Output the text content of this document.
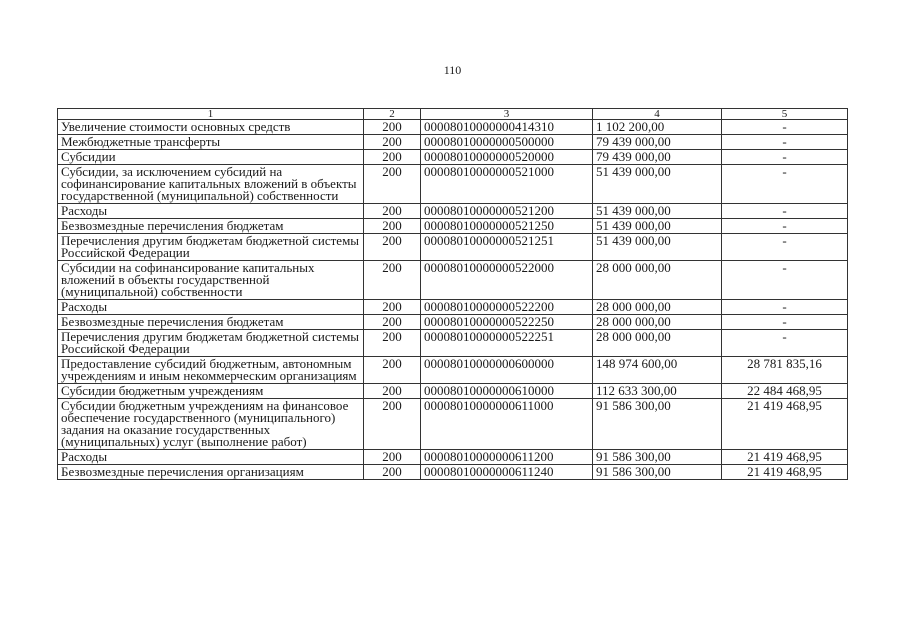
110
1	2	3	4	5
Увеличение стоимости основных средств	200	00008010000000414310	1 102 200,00	-
Межбюджетные трансферты	200	00008010000000500000	79 439 000,00	-
Субсидии	200	00008010000000520000	79 439 000,00	-
Субсидии, за исключением субсидий на софинансирование капитальных вложений в объекты государственной (муниципальной) собственности	200	00008010000000521000	51 439 000,00	-
Расходы	200	00008010000000521200	51 439 000,00	-
Безвозмездные перечисления бюджетам	200	00008010000000521250	51 439 000,00	-
Перечисления другим бюджетам бюджетной системы Российской Федерации	200	00008010000000521251	51 439 000,00	-
Субсидии на софинансирование капитальных вложений в объекты государственной (муниципальной) собственности	200	00008010000000522000	28 000 000,00	-
Расходы	200	00008010000000522200	28 000 000,00	-
Безвозмездные перечисления бюджетам	200	00008010000000522250	28 000 000,00	-
Перечисления другим бюджетам бюджетной системы Российской Федерации	200	00008010000000522251	28 000 000,00	-
Предоставление субсидий бюджетным, автономным учреждениям и иным некоммерческим организациям	200	00008010000000600000	148 974 600,00	28 781 835,16
Субсидии бюджетным учреждениям	200	00008010000000610000	112 633 300,00	22 484 468,95
Субсидии бюджетным учреждениям на финансовое обеспечение государственного (муниципального) задания на оказание государственных (муниципальных) услуг (выполнение работ)	200	00008010000000611000	91 586 300,00	21 419 468,95
Расходы	200	00008010000000611200	91 586 300,00	21 419 468,95
Безвозмездные перечисления организациям	200	00008010000000611240	91 586 300,00	21 419 468,95
